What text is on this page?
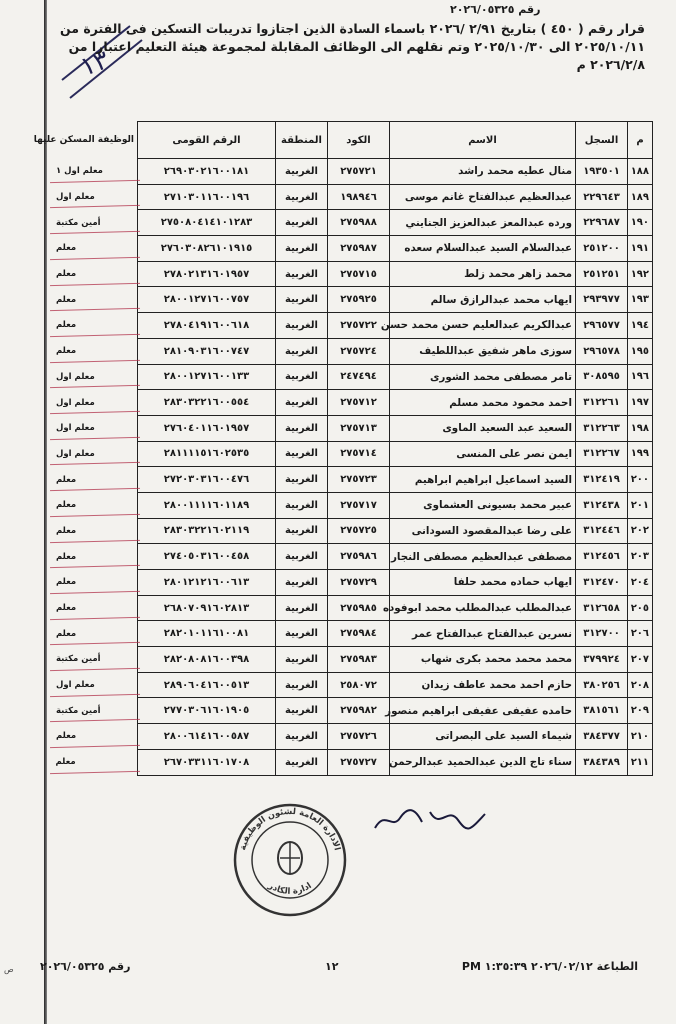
رقم ٢٠٢٦/٠٥٣٢٥
١٣
قرار رقم ( ٤٥٠ ) بتاريخ ٢/٩١ /٢٠٢٦ باسماء السادة الذين اجتازوا تدريبات التسكين فى الفترة من
٢٠٢٥/١٠/١١ الى ٢٠٢٥/١٠/٣٠ وتم نقلهم الى الوظائف المقابلة لمجموعة هيئة التعليم اعتبارا من ٢٠٢٦/٢/٨ م
م	السجل	الاسم	الكود	المنطقة	الرقم القومى	الوظيفة المسكن عليها
١٨٨	١٩٣٥٠١	منال عطيه محمد راشد	٢٧٥٧٢١	الغربية	٢٦٩٠٣٠٢١٦٠٠١٨١	معلم اول ١
١٨٩	٢٢٩٦٤٣	عبدالعظيم عبدالفتاح غانم موسى	١٩٨٩٤٦	الغربية	٢٧١٠٣٠١١٦٠٠١٩٦	معلم اول
١٩٠	٢٢٩٦٨٧	ورده عبدالمعز عبدالعزيز الجنايني	٢٧٥٩٨٨	الغربية	٢٧٥٠٨٠٤١٤١٠١٢٨٣	أمين مكتبة
١٩١	٢٥١٢٠٠	عبدالسلام السيد عبدالسلام سعده	٢٧٥٩٨٧	الغربية	٢٧٦٠٣٠٨٢٦١٠١٩١٥	معلم
١٩٢	٢٥١٢٥١	محمد زاهر محمد زلط	٢٧٥٧١٥	الغربية	٢٧٨٠٢١٣١٦٠١٩٥٧	معلم
١٩٣	٢٩٣٩٧٧	ايهاب محمد عبدالرازق سالم	٢٧٥٩٢٥	الغربية	٢٨٠٠١٢٧١٦٠٠٧٥٧	معلم
١٩٤	٢٩٦٥٧٧	عبدالكريم عبدالعليم حسن محمد حسن	٢٧٥٧٢٢	الغربية	٢٧٨٠٤١٩١٦٠٠٦١٨	معلم
١٩٥	٢٩٦٥٧٨	سوزى ماهر شفيق عبداللطيف	٢٧٥٧٢٤	الغربية	٢٨١٠٩٠٣١٦٠٠٧٤٧	معلم
١٩٦	٣٠٨٥٩٥	تامر مصطفى محمد الشورى	٢٤٧٤٩٤	الغربية	٢٨٠٠١٢٧١٦٠٠١٣٣	معلم اول
١٩٧	٣١٢٢٦١	احمد محمود محمد مسلم	٢٧٥٧١٢	الغربية	٢٨٣٠٣٢٢١٦٠٠٥٥٤	معلم اول
١٩٨	٣١٢٢٦٣	السعيد عبد السعيد الماوى	٢٧٥٧١٣	الغربية	٢٧٦٠٤٠١١٦٠١٩٥٧	معلم اول
١٩٩	٣١٢٢٦٧	ايمن نصر على المنسى	٢٧٥٧١٤	الغربية	٢٨١١١١٥١٦٠٢٥٣٥	معلم اول
٢٠٠	٣١٢٤١٩	السيد اسماعيل ابراهيم ابراهيم	٢٧٥٧٢٣	الغربية	٢٧٢٠٣٠٣١٦٠٠٤٧٦	معلم
٢٠١	٣١٢٤٣٨	عبير محمد بسيونى العشماوى	٢٧٥٧١٧	الغربية	٢٨٠٠١١١١٦٠١١٨٩	معلم
٢٠٢	٣١٢٤٤٦	على رضا عبدالمقصود السودانى	٢٧٥٧٢٥	الغربية	٢٨٣٠٣٢٢١٦٠٢١١٩	معلم
٢٠٣	٣١٢٤٥٦	مصطفى عبدالعظيم مصطفى النجار	٢٧٥٩٨٦	الغربية	٢٧٤٠٥٠٣١٦٠٠٤٥٨	معلم
٢٠٤	٣١٢٤٧٠	ايهاب حماده محمد حلفا	٢٧٥٧٢٩	الغربية	٢٨٠١٢١٢١٦٠٠٦١٣	معلم
٢٠٥	٣١٢٦٥٨	عبدالمطلب عبدالمطلب محمد ابوفوده	٢٧٥٩٨٥	الغربية	٢٦٨٠٧٠٩١٦٠٢٨١٣	معلم
٢٠٦	٣١٢٧٠٠	نسرين عبدالفتاح عبدالفتاح عمر	٢٧٥٩٨٤	الغربية	٢٨٢٠١٠١١٦١٠٠٨١	معلم
٢٠٧	٣٧٩٩٢٤	محمد محمد محمد بكرى شهاب	٢٧٥٩٨٣	الغربية	٢٨٢٠٨٠٨١٦٠٠٣٩٨	أمين مكتبة
٢٠٨	٣٨٠٢٥٦	حازم احمد محمد عاطف زيدان	٢٥٨٠٧٢	الغربية	٢٨٩٠٦٠٤١٦٠٠٥١٣	معلم اول
٢٠٩	٣٨١٥٦١	حامده عفيفى عفيفى ابراهيم منصور	٢٧٥٩٨٢	الغربية	٢٧٧٠٣٠٦١٦٠١٩٠٥	أمين مكتبة
٢١٠	٣٨٤٣٧٧	شيماء السيد على البصراتى	٢٧٥٧٢٦	الغربية	٢٨٠٠٦١٤١٦٠٠٥٨٧	معلم
٢١١	٣٨٤٣٨٩	سناء تاج الدين عبدالحميد عبدالرحمن	٢٧٥٧٢٧	الغربية	٢٦٧٠٣٣١١٦٠١٧٠٨	معلم
الادارة العامة لشئون الوظيفية
ادارة الكادر
رقم ٢٠٢٦/٠٥٣٢٥	١٢	الطباعة ٢٠٢٦/٠٢/١٢ ١:٣٥:٣٩ PM
ص
